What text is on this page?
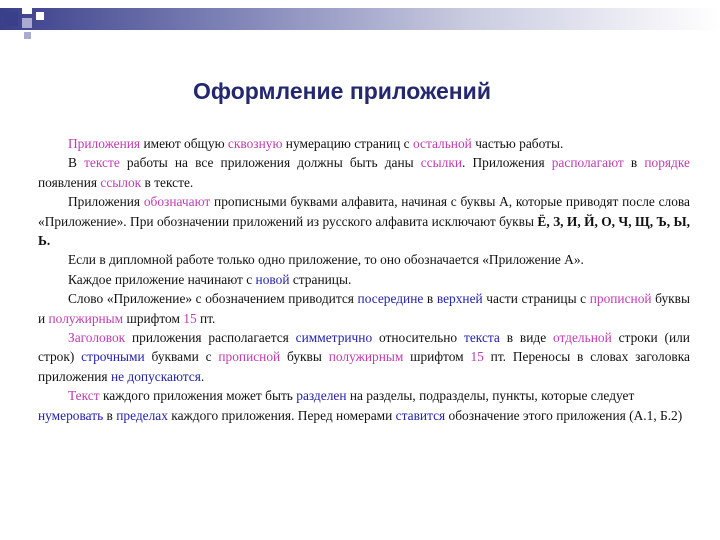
Оформление приложений

Приложения имеют общую сквозную нумерацию страниц с остальной частью работы.

В тексте работы на все приложения должны быть даны ссылки. Приложения располагают в порядке появления ссылок в тексте.

Приложения обозначают прописными буквами алфавита, начиная с буквы А, которые приводят после слова «Приложение». При обозначении приложений из русского алфавита исключают буквы Ё, З, И, Й, О, Ч, Щ, Ъ, Ы, Ь.

Если в дипломной работе только одно приложение, то оно обозначается «Приложение А».

Каждое приложение начинают с новой страницы.

Слово «Приложение» с обозначением приводится посередине в верхней части страницы с прописной буквы и полужирным шрифтом 15 пт.

Заголовок приложения располагается симметрично относительно текста в виде отдельной строки (или строк) строчными буквами с прописной буквы полужирным шрифтом 15 пт. Переносы в словах заголовка приложения не допускаются.

Текст каждого приложения может быть разделен на разделы, подразделы, пункты, которые следует нумеровать в пределах каждого приложения. Перед номерами ставится обозначение этого приложения (А.1, Б.2)
